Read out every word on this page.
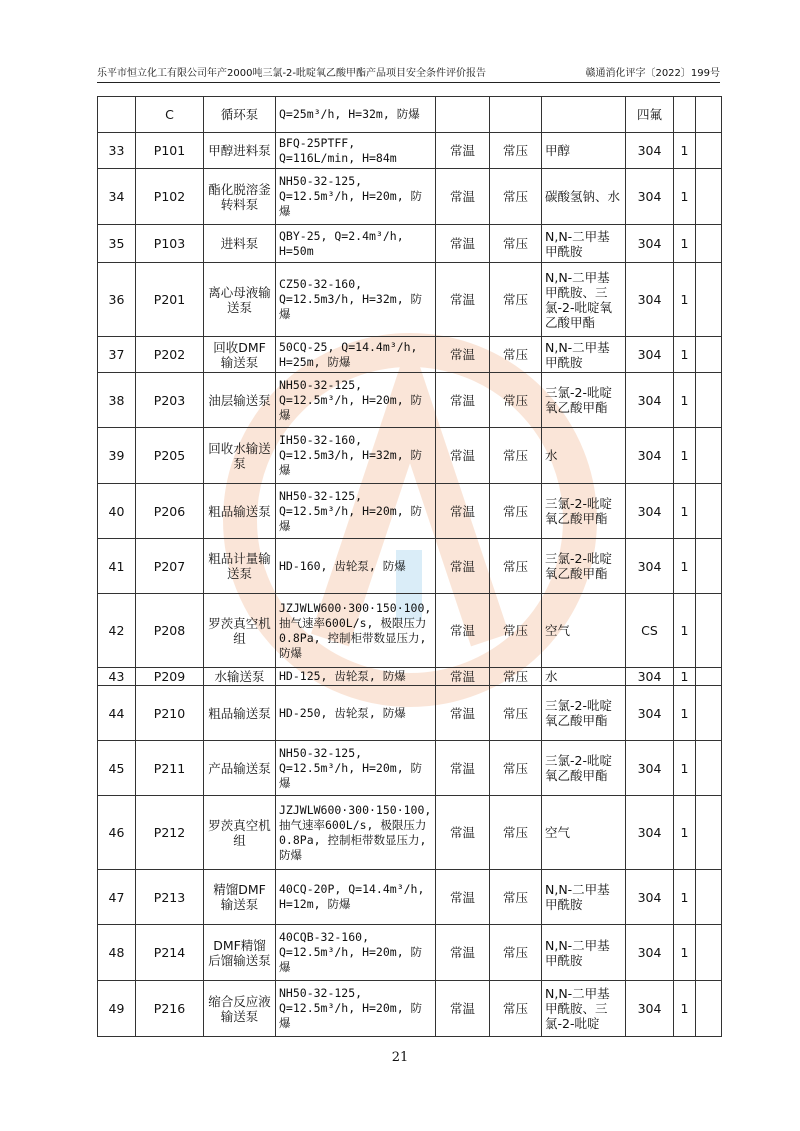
乐平市恒立化工有限公司年产2000吨三氯-2-吡啶氧乙酸甲酯产品项目安全条件评价报告	赣通消化评字〔2022〕199号
	C	循环泵	Q=25m³/h, H=32m, 防爆				四氟		
33	P101	甲醇进料泵	BFQ-25PTFF, Q=116L/min, H=84m	常温	常压	甲醇	304	1	
34	P102	酯化脱溶釜转料泵	NH50-32-125, Q=12.5m³/h, H=20m, 防爆	常温	常压	碳酸氢钠、水	304	1	
35	P103	进料泵	QBY-25, Q=2.4m³/h, H=50m	常温	常压	N,N-二甲基甲酰胺	304	1	
36	P201	离心母液输送泵	CZ50-32-160, Q=12.5m3/h, H=32m, 防爆	常温	常压	N,N-二甲基甲酰胺、三氯-2-吡啶氧乙酸甲酯	304	1	
37	P202	回收DMF输送泵	50CQ-25, Q=14.4m³/h, H=25m, 防爆	常温	常压	N,N-二甲基甲酰胺	304	1	
38	P203	油层输送泵	NH50-32-125, Q=12.5m³/h, H=20m, 防爆	常温	常压	三氯-2-吡啶氧乙酸甲酯	304	1	
39	P205	回收水输送泵	IH50-32-160, Q=12.5m3/h, H=32m, 防爆	常温	常压	水	304	1	
40	P206	粗品输送泵	NH50-32-125, Q=12.5m³/h, H=20m, 防爆	常温	常压	三氯-2-吡啶氧乙酸甲酯	304	1	
41	P207	粗品计量输送泵	HD-160, 齿轮泵, 防爆	常温	常压	三氯-2-吡啶氧乙酸甲酯	304	1	
42	P208	罗茨真空机组	JZJWLW600·300·150·100, 抽气速率600L/s, 极限压力0.8Pa, 控制柜带数显压力, 防爆	常温	常压	空气	CS	1	
43	P209	水输送泵	HD-125, 齿轮泵, 防爆	常温	常压	水	304	1	
44	P210	粗品输送泵	HD-250, 齿轮泵, 防爆	常温	常压	三氯-2-吡啶氧乙酸甲酯	304	1	
45	P211	产品输送泵	NH50-32-125, Q=12.5m³/h, H=20m, 防爆	常温	常压	三氯-2-吡啶氧乙酸甲酯	304	1	
46	P212	罗茨真空机组	JZJWLW600·300·150·100, 抽气速率600L/s, 极限压力0.8Pa, 控制柜带数显压力, 防爆	常温	常压	空气	304	1	
47	P213	精馏DMF输送泵	40CQ-20P, Q=14.4m³/h, H=12m, 防爆	常温	常压	N,N-二甲基甲酰胺	304	1	
48	P214	DMF精馏后馏输送泵	40CQB-32-160, Q=12.5m³/h, H=20m, 防爆	常温	常压	N,N-二甲基甲酰胺	304	1	
49	P216	缩合反应液输送泵	NH50-32-125, Q=12.5m³/h, H=20m, 防爆	常温	常压	N,N-二甲基甲酰胺、三氯-2-吡啶	304	1	
21
